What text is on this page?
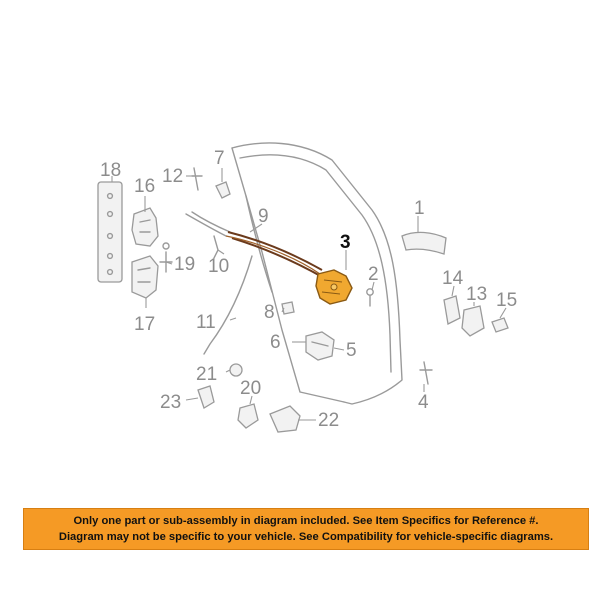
18
16 12
7
9
3
1
19 10	2	14
13 15
8
11
17
6	5
21
4
20
23
22
Only one part or sub-assembly in diagram included. See Item Specifics for Reference #.
Diagram may not be specific to your vehicle. See Compatibility for vehicle-specific diagrams.
